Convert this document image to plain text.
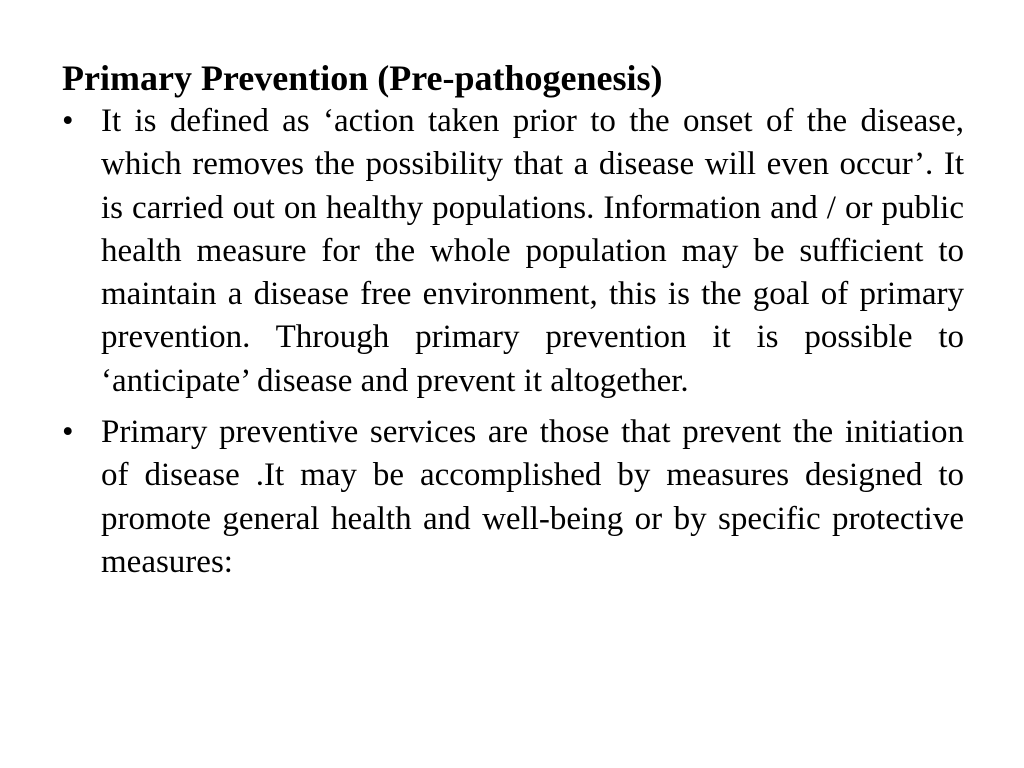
Primary Prevention (Pre-pathogenesis)
• It is defined as ‘action taken prior to the onset of the disease, which removes the possibility that a disease will even occur’. It is carried out on healthy populations. Information and / or public health measure for the whole population may be sufficient to maintain a disease free environment, this is the goal of primary prevention. Through primary prevention it is possible to ‘anticipate’ disease and prevent it altogether.
• Primary preventive services are those that prevent the initiation of disease .It may be accomplished by measures designed to promote general health and well-being or by specific protective measures:
